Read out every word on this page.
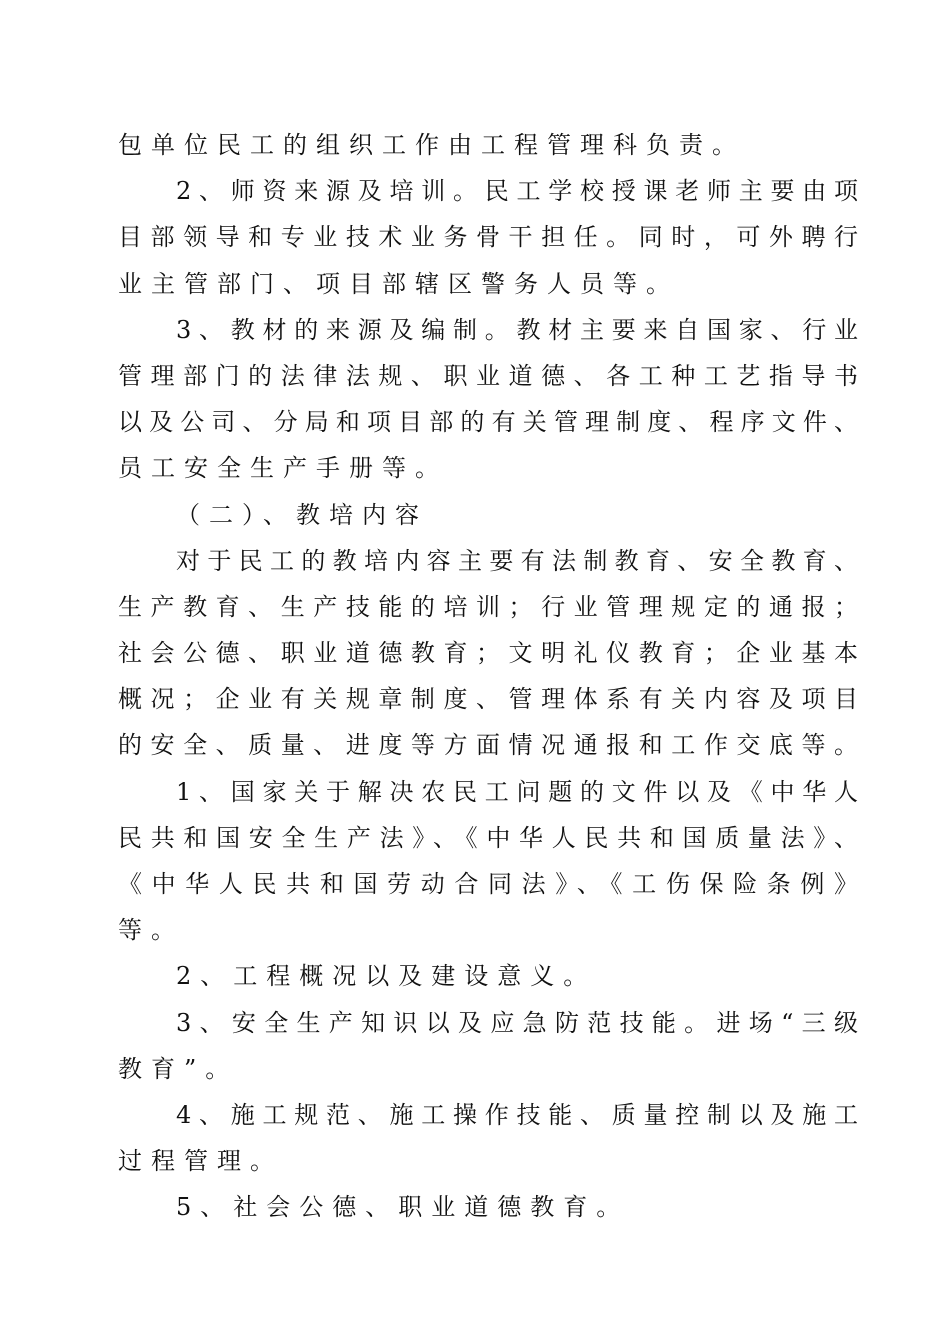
包单位民工的组织工作由工程管理科负责。

2、师资来源及培训。民工学校授课老师主要由项

目部领导和专业技术业务骨干担任。同时，可外聘行

业主管部门、项目部辖区警务人员等。

3、教材的来源及编制。教材主要来自国家、行业

管理部门的法律法规、职业道德、各工种工艺指导书

以及公司、分局和项目部的有关管理制度、程序文件、

员工安全生产手册等。

（二）、教培内容

对于民工的教培内容主要有法制教育、安全教育、

生产教育、生产技能的培训；行业管理规定的通报；

社会公德、职业道德教育；文明礼仪教育；企业基本

概况；企业有关规章制度、管理体系有关内容及项目

的安全、质量、进度等方面情况通报和工作交底等。

1、国家关于解决农民工问题的文件以及《中华人

民共和国安全生产法》、《中华人民共和国质量法》、

《中华人民共和国劳动合同法》、《工伤保险条例》

等。

2、工程概况以及建设意义。

3、安全生产知识以及应急防范技能。进场“三级

教育”。

4、施工规范、施工操作技能、质量控制以及施工

过程管理。

5、社会公德、职业道德教育。
